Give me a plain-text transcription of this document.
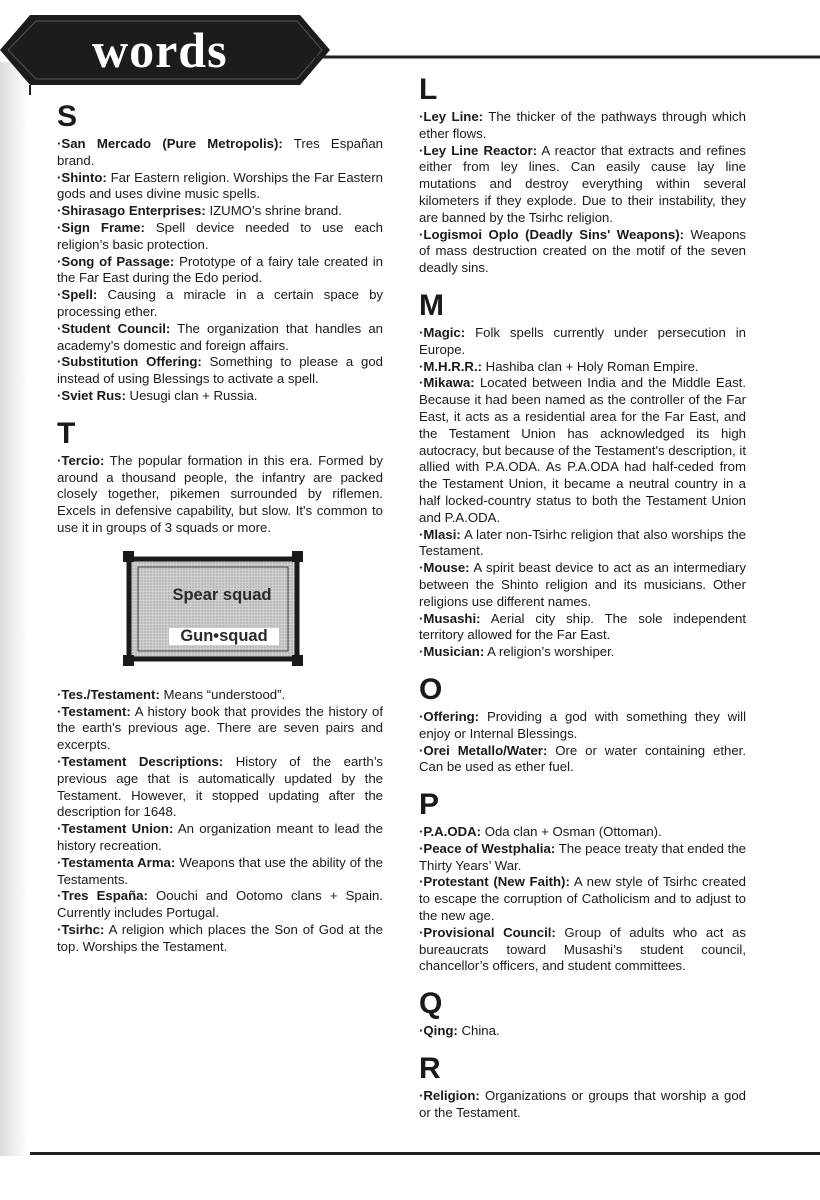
words
S

·San Mercado (Pure Metropolis): Tres Españan brand.

·Shinto: Far Eastern religion. Worships the Far Eastern gods and uses divine music spells.

·Shirasago Enterprises: IZUMO’s shrine brand.

·Sign Frame: Spell device needed to use each religion’s basic protection.

·Song of Passage: Prototype of a fairy tale created in the Far East during the Edo period.

·Spell: Causing a miracle in a certain space by processing ether.

·Student Council: The organization that handles an academy’s domestic and foreign affairs.

·Substitution Offering: Something to please a god instead of using Blessings to activate a spell.

·Sviet Rus: Uesugi clan + Russia.

T

·Tercio: The popular formation in this era. Formed by around a thousand people, the infantry are packed closely together, pikemen surrounded by riflemen. Excels in defensive capability, but slow. It's common to use it in groups of 3 squads or more.

Spear squad
Gun•squad

·Tes./Testament: Means “understood”.

·Testament: A history book that provides the history of the earth's previous age. There are seven pairs and excerpts.

·Testament Descriptions: History of the earth’s previous age that is automatically updated by the Testament. However, it stopped updating after the description for 1648.

·Testament Union: An organization meant to lead the history recreation.

·Testamenta Arma: Weapons that use the ability of the Testaments.

·Tres España: Oouchi and Ootomo clans + Spain. Currently includes Portugal.

·Tsirhc: A religion which places the Son of God at the top. Worships the Testament.

L

·Ley Line: The thicker of the pathways through which ether flows.

·Ley Line Reactor: A reactor that extracts and refines either from ley lines. Can easily cause lay line mutations and destroy everything within several kilometers if they explode. Due to their instability, they are banned by the Tsirhc religion.

·Logismoi Oplo (Deadly Sins' Weapons): Weapons of mass destruction created on the motif of the seven deadly sins.

M

·Magic: Folk spells currently under persecution in Europe.

·M.H.R.R.: Hashiba clan + Holy Roman Empire.

·Mikawa: Located between India and the Middle East. Because it had been named as the controller of the Far East, it acts as a residential area for the Far East, and the Testament Union has acknowledged its high autocracy, but because of the Testament's description, it allied with P.A.ODA. As P.A.ODA had half-ceded from the Testament Union, it became a neutral country in a half locked-country status to both the Testament Union and P.A.ODA.

·Mlasi: A later non-Tsirhc religion that also worships the Testament.

·Mouse: A spirit beast device to act as an intermediary between the Shinto religion and its musicians. Other religions use different names.

·Musashi: Aerial city ship. The sole independent territory allowed for the Far East.

·Musician: A religion’s worshiper.

O

·Offering: Providing a god with something they will enjoy or Internal Blessings.

·Orei Metallo/Water: Ore or water containing ether. Can be used as ether fuel.

P

·P.A.ODA: Oda clan + Osman (Ottoman).

·Peace of Westphalia: The peace treaty that ended the Thirty Years’ War.

·Protestant (New Faith): A new style of Tsirhc created to escape the corruption of Catholicism and to adjust to the new age.

·Provisional Council: Group of adults who act as bureaucrats toward Musashi’s student council, chancellor’s officers, and student committees.

Q

·Qing: China.

R

·Religion: Organizations or groups that worship a god or the Testament.
